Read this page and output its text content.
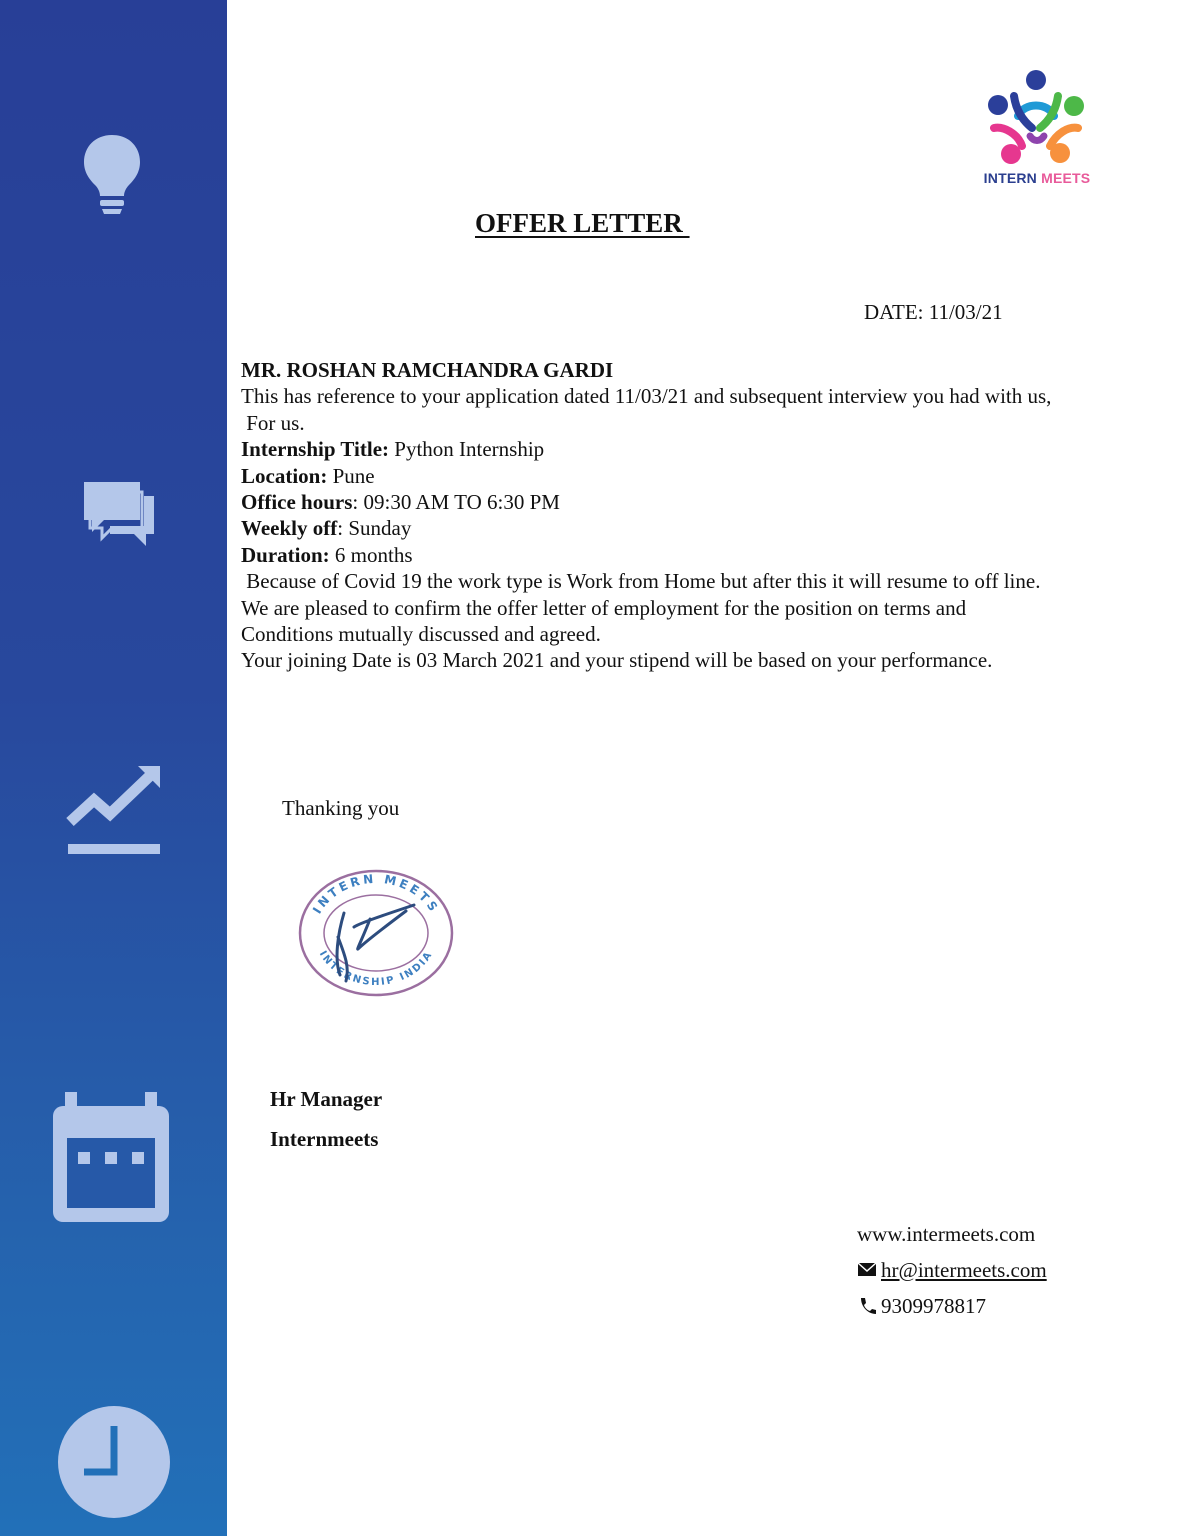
INTERN MEETS
OFFER LETTER
DATE: 11/03/21
MR. ROSHAN RAMCHANDRA GARDI
This has reference to your application dated 11/03/21 and subsequent interview you had with us,
For us.
Internship Title: Python Internship
Location: Pune
Office hours: 09:30 AM TO 6:30 PM
Weekly off: Sunday
Duration: 6 months
Because of Covid 19 the work type is Work from Home but after this it will resume to off line.
We are pleased to confirm the offer letter of employment for the position on terms and
Conditions mutually discussed and agreed.
Your joining Date is 03 March 2021 and your stipend will be based on your performance.
Thanking you
INTERN MEETS
INTERNSHIP INDIA
Hr Manager
Internmeets
www.intermeets.com
hr@intermeets.com
9309978817
